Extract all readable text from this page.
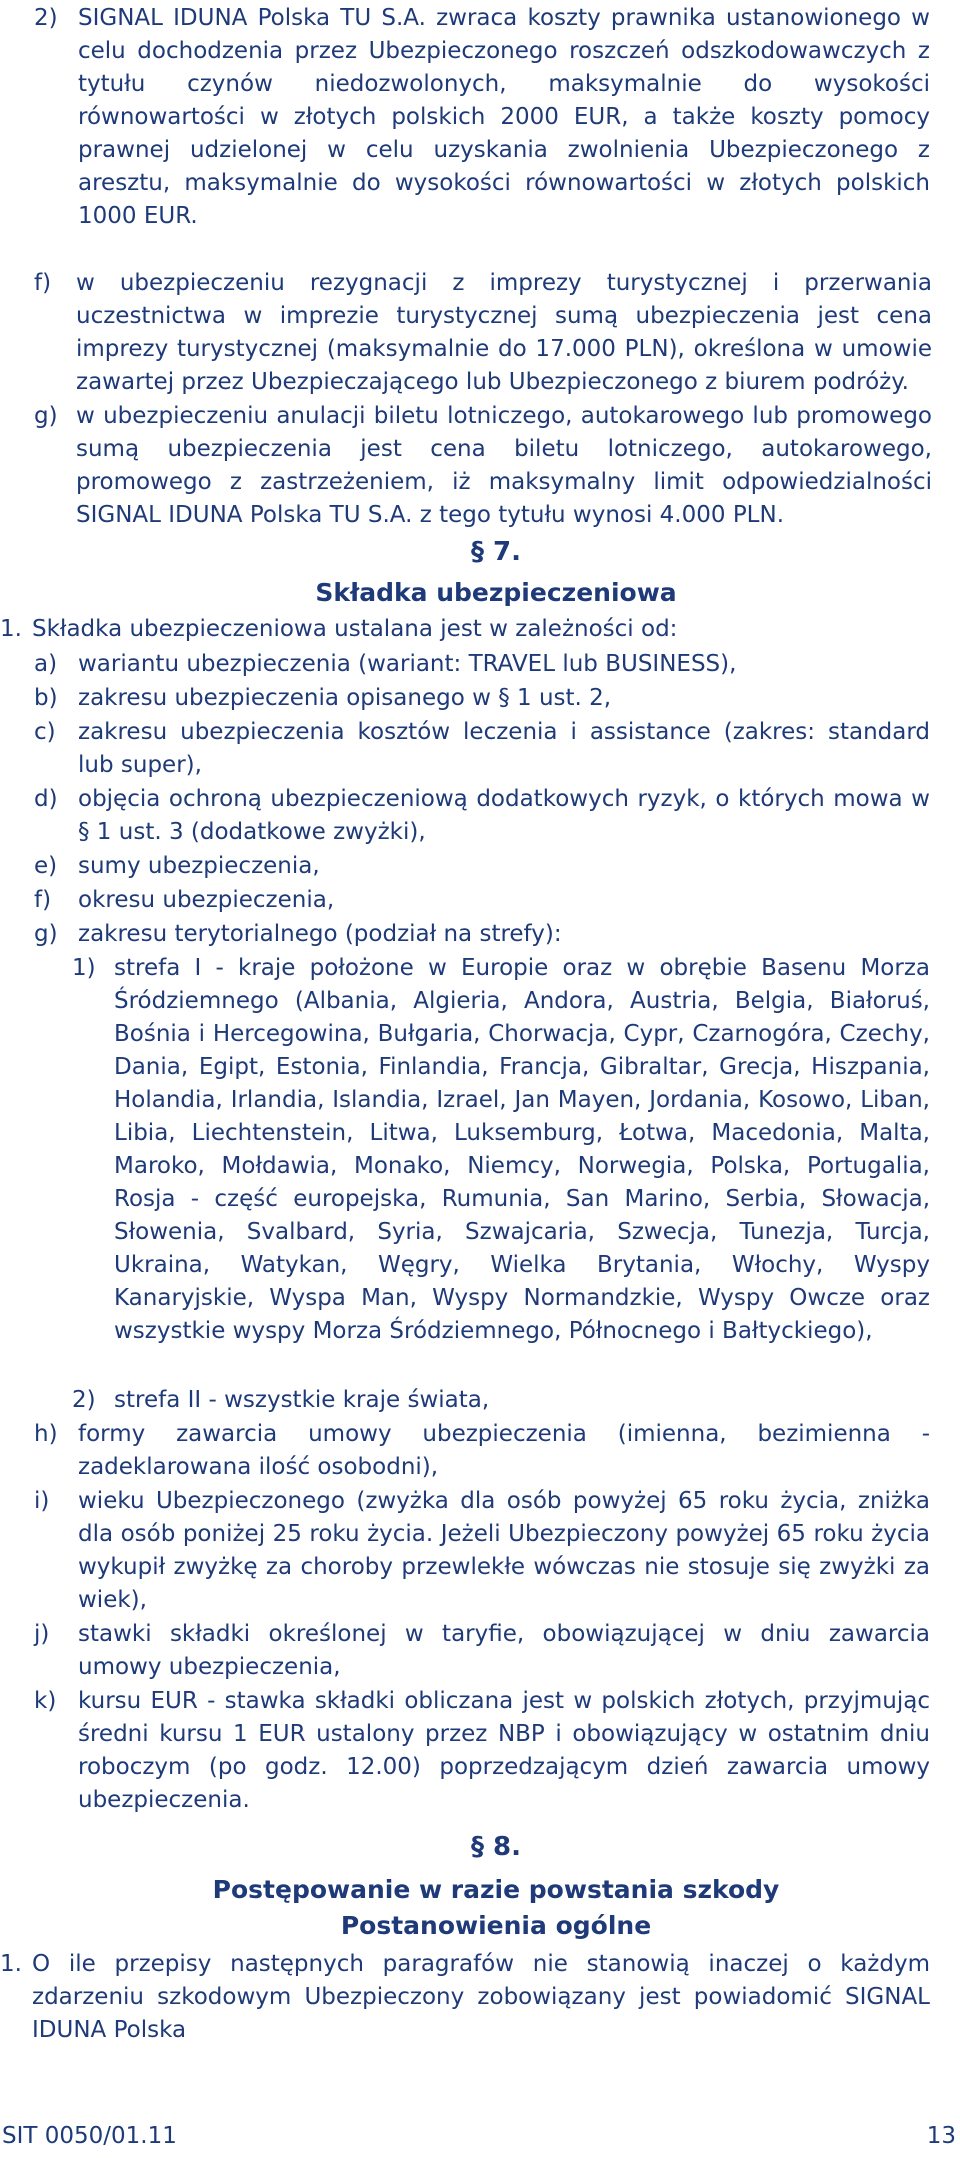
2) SIGNAL IDUNA Polska TU S.A. zwraca koszty prawnika ustanowionego w celu dochodzenia przez Ubezpieczonego roszczeń odszkodowawczych z tytułu czynów niedozwolonych, maksymalnie do wysokości równowartości w złotych polskich 2000 EUR, a także koszty pomocy prawnej udzielonej w celu uzyskania zwolnienia Ubezpieczonego z aresztu, maksymalnie do wysokości równowartości w złotych polskich 1000 EUR.
f) w ubezpieczeniu rezygnacji z imprezy turystycznej i przerwania uczestnictwa w imprezie turystycznej sumą ubezpieczenia jest cena imprezy turystycznej (maksymalnie do 17.000 PLN), określona w umowie zawartej przez Ubezpieczającego lub Ubezpieczonego z biurem podróży.
g) w ubezpieczeniu anulacji biletu lotniczego, autokarowego lub promowego sumą ubezpieczenia jest cena biletu lotniczego, autokarowego, promowego z zastrzeżeniem, iż maksymalny limit odpowiedzialności SIGNAL IDUNA Polska TU S.A. z tego tytułu wynosi 4.000 PLN.
§ 7.
Składka ubezpieczeniowa
1. Składka ubezpieczeniowa ustalana jest w zależności od:
a) wariantu ubezpieczenia (wariant: TRAVEL lub BUSINESS),
b) zakresu ubezpieczenia opisanego w § 1 ust. 2,
c) zakresu ubezpieczenia kosztów leczenia i assistance (zakres: standard lub super),
d) objęcia ochroną ubezpieczeniową dodatkowych ryzyk, o których mowa w § 1 ust. 3 (dodatkowe zwyżki),
e) sumy ubezpieczenia,
f) okresu ubezpieczenia,
g) zakresu terytorialnego (podział na strefy):
1) strefa I - kraje położone w Europie oraz w obrębie Basenu Morza Śródziemnego (Albania, Algieria, Andora, Austria, Belgia, Białoruś, Bośnia i Hercegowina, Bułgaria, Chorwacja, Cypr, Czarnogóra, Czechy, Dania, Egipt, Estonia, Finlandia, Francja, Gibraltar, Grecja, Hiszpania, Holandia, Irlandia, Islandia, Izrael, Jan Mayen, Jordania, Kosowo, Liban, Libia, Liechtenstein, Litwa, Luksemburg, Łotwa, Macedonia, Malta, Maroko, Mołdawia, Monako, Niemcy, Norwegia, Polska, Portugalia, Rosja - część europejska, Rumunia, San Marino, Serbia, Słowacja, Słowenia, Svalbard, Syria, Szwajcaria, Szwecja, Tunezja, Turcja, Ukraina, Watykan, Węgry, Wielka Brytania, Włochy, Wyspy Kanaryjskie, Wyspa Man, Wyspy Normandzkie, Wyspy Owcze oraz wszystkie wyspy Morza Śródziemnego, Północnego i Bałtyckiego),
2) strefa II - wszystkie kraje świata,
h) formy zawarcia umowy ubezpieczenia (imienna, bezimienna - zadeklarowana ilość osobodni),
i) wieku Ubezpieczonego (zwyżka dla osób powyżej 65 roku życia, zniżka dla osób poniżej 25 roku życia. Jeżeli Ubezpieczony powyżej 65 roku życia wykupił zwyżkę za choroby przewlekłe wówczas nie stosuje się zwyżki za wiek),
j) stawki składki określonej w taryfie, obowiązującej w dniu zawarcia umowy ubezpieczenia,
k) kursu EUR - stawka składki obliczana jest w polskich złotych, przyjmując średni kursu 1 EUR ustalony przez NBP i obowiązujący w ostatnim dniu roboczym (po godz. 12.00) poprzedzającym dzień zawarcia umowy ubezpieczenia.
§ 8.
Postępowanie w razie powstania szkody
Postanowienia ogólne
1. O ile przepisy następnych paragrafów nie stanowią inaczej o każdym zdarzeniu szkodowym Ubezpieczony zobowiązany jest powiadomić SIGNAL IDUNA Polska
SIT 0050/01.11	13
